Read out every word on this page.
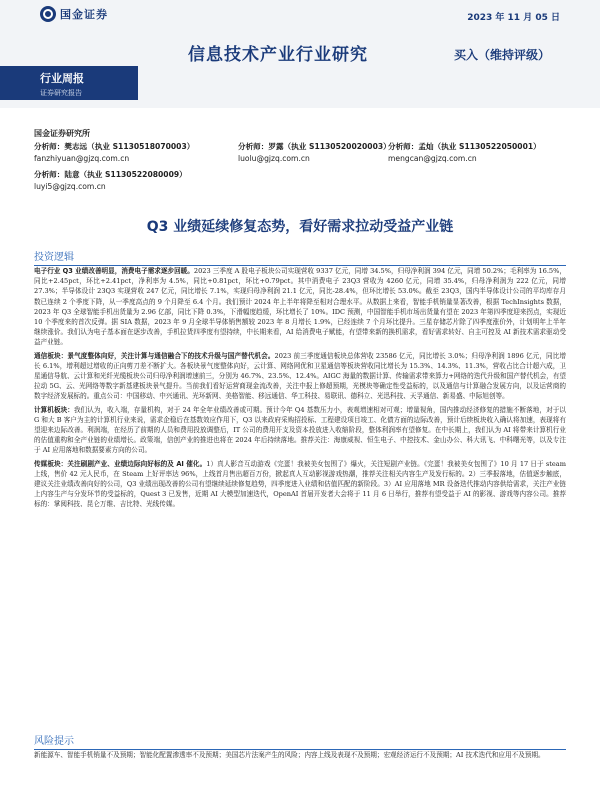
国金证券	2023 年 11 月 05 日
信息技术产业行业研究	买入（维持评级）
行业周报
证券研究报告
国金证券研究所
分析师：樊志远（执业 S1130518070003）	分析师：罗露（执业 S1130520020003）
分析师：孟灿（执业 S1130522050001）
fanzhiyuan@gjzq.com.cn	luolu@gjzq.com.cn	mengcan@gjzq.com.cn
分析师：陆意（执业 S1130522080009）
luyi5@gjzq.com.cn
Q3 业绩延续修复态势，看好需求拉动受益产业链
投资逻辑

电子行业 Q3 业绩改善明显，消费电子需求逐步回暖。2023 三季度 A 股电子板块公司实现营收 9337 亿元，同增 34.5%，归母净利润 394 亿元，同增 50.2%；毛利率为 16.5%，同比+2.45pct，环比+2.41pct，净利率为 4.5%，同比+0.81pct，环比+0.79pct。其中消费电子 23Q3 营收为 4260 亿元，同增 35.4%，归母净利润为 222 亿元，同增 27.3%；半导体设计 23Q3 实现营收 247 亿元，同比增长 7.1%，实现归母净利润 21.1 亿元，同比-28.4%，但环比增长 53.0%。截至 23Q3，国内半导体设计公司的平均库存月数已连续 2 个季度下降，从一季度高点的 9 个月降至 6.4 个月。我们预计 2024 年上半年将降至相对合理水平。从数据上来看，智能手机销量显著改善，根据 TechInsights 数据，2023 年 Q3 全球智能手机出货量为 2.96 亿部，同比下降 0.3%，下滑幅度趋缓，环比增长了 10%。IDC 预测，中国智能手机市场出货量有望在 2023 年第四季度迎来拐点，实现近 10 个季度来的首次反弹。据 SIA 数据，2023 年 9 月全球半导体销售额较 2023 年 8 月增长 1.9%，已经连续 7 个月环比提升。三星存储芯片除了四季度涨价外，计划明年上半年继续涨价。我们认为电子基本面在逐步改善，手机拉货四季度有望持续，中长期来看，AI 给消费电子赋能，有望带来新的换机需求，看好需求转好、自主可控及 AI 新技术需求驱动受益产业链。

通信板块：景气度整体向好，关注计算与通信融合下的技术升级与国产替代机会。2023 前三季度通信板块总体营收 23586 亿元，同比增长 3.0%；归母净利润 1896 亿元，同比增长 6.1%，增利超过增收的正向剪刀差不断扩大。各板块景气度整体向好，云计算、网络网优和卫星通信等板块营收同比增长为 15.3%、14.3%、11.3%，营收占比合计超六成，卫星通信导航、云计算和光纤光缆板块公司归母净利润增速前三，分别为 46.7%、23.5%、12.4%。AIGC 海量的数据计算、传输需求带来算力+网络的迭代升级和国产替代机会，有望拉动 5G、云、光网络等数字新基建板块景气提升。当前我们看好运营商现金流改善，关注中报上修超预期，光模块等确定性受益标的，以及通信与计算融合发展方向，以及运营商的数字经济发展标的。重点公司：中国移动、中兴通讯、光环新网、美格智能、移远通信、华工科技、易联讯、德科立、光迅科技、天孚通信、新易盛、中际旭创等。

计算机板块：我们认为，收入端，存量机构，对于 24 年全年业绩改善或可期。预计今年 Q4 基数压力小，表观增速相对可观；增量视角，国内推动经济修复的措施不断落地，对于以 G 和大 B 客户为主的计算机行业来说，需求企稳后在基数效应作用下，Q3 以来政府采购招投标、工程建设项目竣工、化债方面的边际改善，预计后续板块收入确认将加速，表现将有望迎来边际改善。利润端，在经历了前期的人员和费用投放调整后，IT 公司的费用开支及资本投放进入收缩阶段，整体利润率有望修复。在中长期上，我们认为 AI 将带来计算机行业的估值重构和全产业链的业绩增长。政策端，信创产业的推进也将在 2024 年后持续落地。推荐关注：海康威视、恒生电子、中控技术、金山办公、科大讯飞、中科曙光等，以及专注于 AI 应用落地和数据要素方向的公司。

传媒板块：关注刷剧产业、业绩边际向好标的及 AI 催化。1）真人影音互动游戏《完蛋！我被美女包围了》爆火，关注短剧产业链。《完蛋！我被美女包围了》10 月 17 日于 steam 上线，售价 42 元人民币，在 Steam 上好评率达 96%，上线首月售出超百万份，掀起真人互动影视游戏热潮，推荐关注相关内容生产及发行标的。2）三季报落地，估值逐步触底，建议关注业绩改善向好的公司，Q3 业绩出现改善的公司有望继续延续修复趋势，四季度进入业绩和估值匹配的新阶段。3）AI 应用落地 MR 设备迭代推动内容供给需求，关注产业链上内容生产与分发环节的受益标的，Quest 3 已发售，近期 AI 大模型加速迭代，OpenAI 首届开发者大会将于 11 月 6 日举行，推荐有望受益于 AI 的影视、游戏等内容公司。推荐标的：掌阅科技、昆仑万维、吉比特、光线传媒。

风险提示
新能源车、智能手机销量不及预期；智能化配置渗透率不及预期；美国芯片法案产生的风险；内容上线及表现不及预期；宏观经济运行不及预期；AI 技术迭代和应用不及预期。
